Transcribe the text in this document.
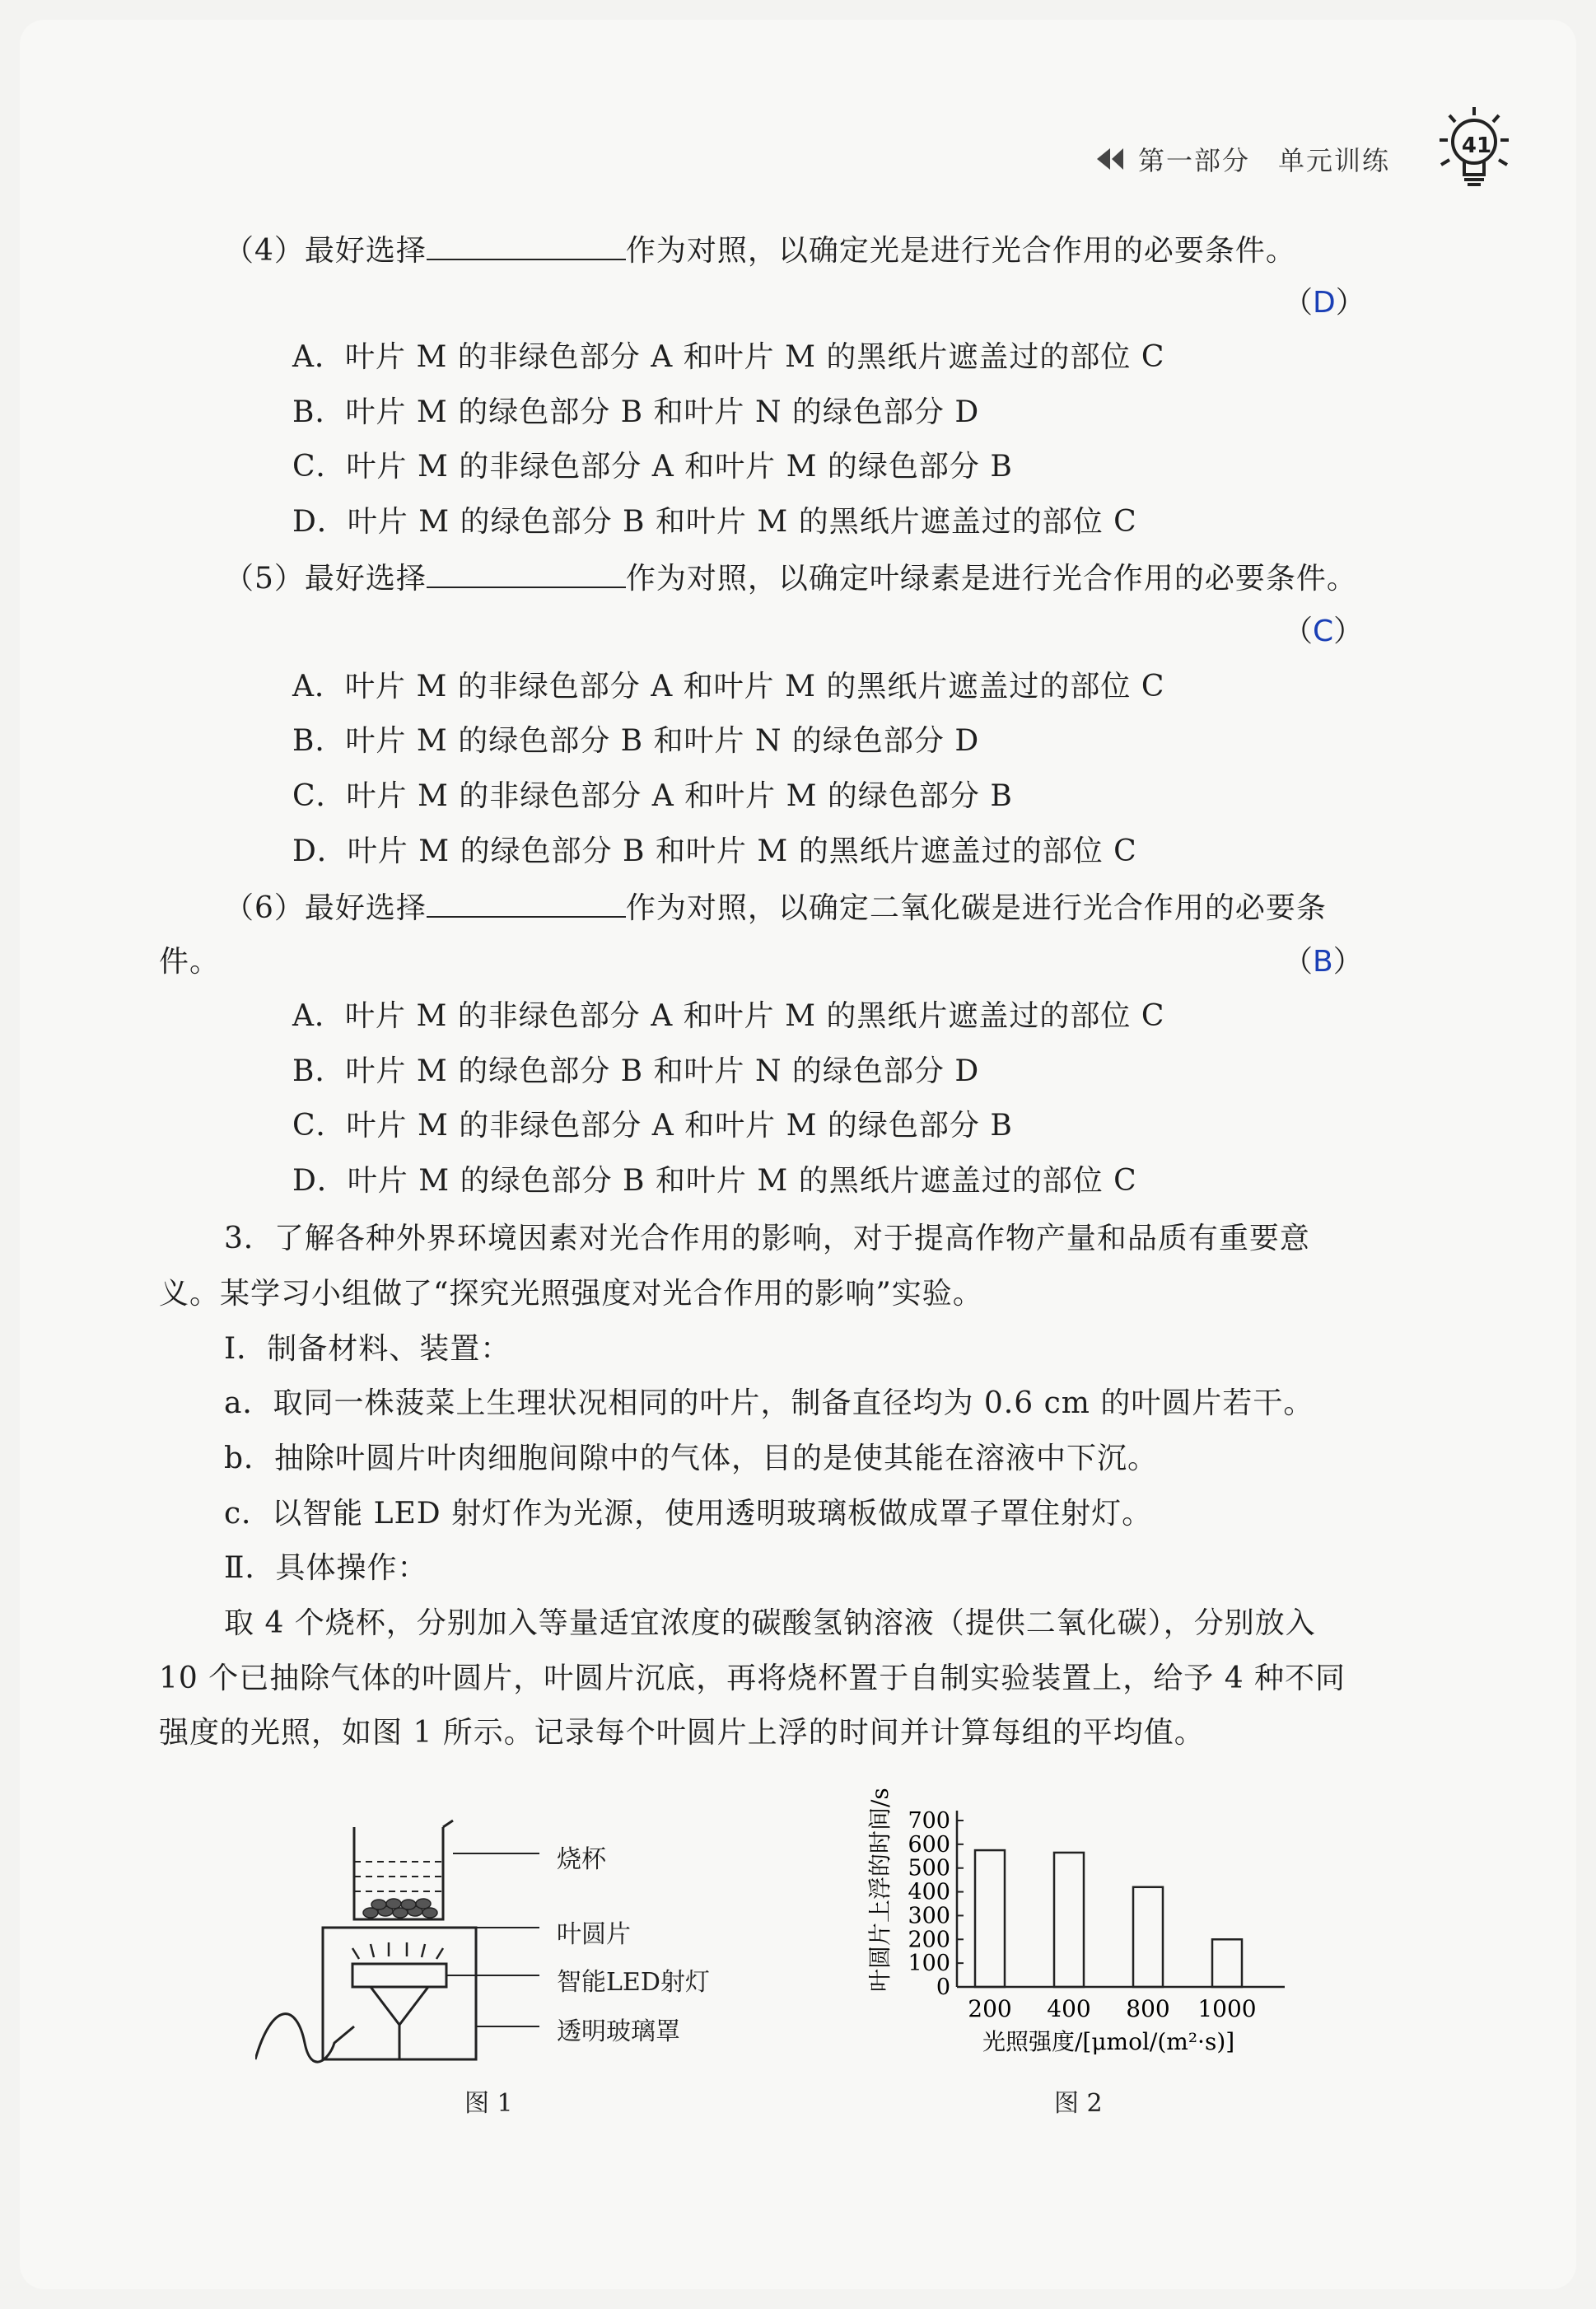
第一部分 单元训练	41
（4）最好选择	作为对照，以确定光是进行光合作用的必要条件。
（D）
A．叶片 M 的非绿色部分 A 和叶片 M 的黑纸片遮盖过的部位 C
B．叶片 M 的绿色部分 B 和叶片 N 的绿色部分 D
C．叶片 M 的非绿色部分 A 和叶片 M 的绿色部分 B
D．叶片 M 的绿色部分 B 和叶片 M 的黑纸片遮盖过的部位 C
（5）最好选择	作为对照，以确定叶绿素是进行光合作用的必要条件。
（C）
A．叶片 M 的非绿色部分 A 和叶片 M 的黑纸片遮盖过的部位 C
B．叶片 M 的绿色部分 B 和叶片 N 的绿色部分 D
C．叶片 M 的非绿色部分 A 和叶片 M 的绿色部分 B
D．叶片 M 的绿色部分 B 和叶片 M 的黑纸片遮盖过的部位 C
（6）最好选择	作为对照，以确定二氧化碳是进行光合作用的必要条
件。	（B）
A．叶片 M 的非绿色部分 A 和叶片 M 的黑纸片遮盖过的部位 C
B．叶片 M 的绿色部分 B 和叶片 N 的绿色部分 D
C．叶片 M 的非绿色部分 A 和叶片 M 的绿色部分 B
D．叶片 M 的绿色部分 B 和叶片 M 的黑纸片遮盖过的部位 C
3．了解各种外界环境因素对光合作用的影响，对于提高作物产量和品质有重要意
义。某学习小组做了“探究光照强度对光合作用的影响”实验。
Ⅰ．制备材料、装置：
a．取同一株菠菜上生理状况相同的叶片，制备直径均为 0.6 cm 的叶圆片若干。
b．抽除叶圆片叶肉细胞间隙中的气体，目的是使其能在溶液中下沉。
c．以智能 LED 射灯作为光源，使用透明玻璃板做成罩子罩住射灯。
Ⅱ．具体操作：
取 4 个烧杯，分别加入等量适宜浓度的碳酸氢钠溶液（提供二氧化碳），分别放入
10 个已抽除气体的叶圆片，叶圆片沉底，再将烧杯置于自制实验装置上，给予 4 种不同
强度的光照，如图 1 所示。记录每个叶圆片上浮的时间并计算每组的平均值。
烧杯
叶圆片
智能LED射灯
透明玻璃罩
图 1
0
100
200
300
400
500
600
700
200 400 800 1000
叶圆片上浮的时间/s
光照强度/[μmol/(m²·s)]
图 2
